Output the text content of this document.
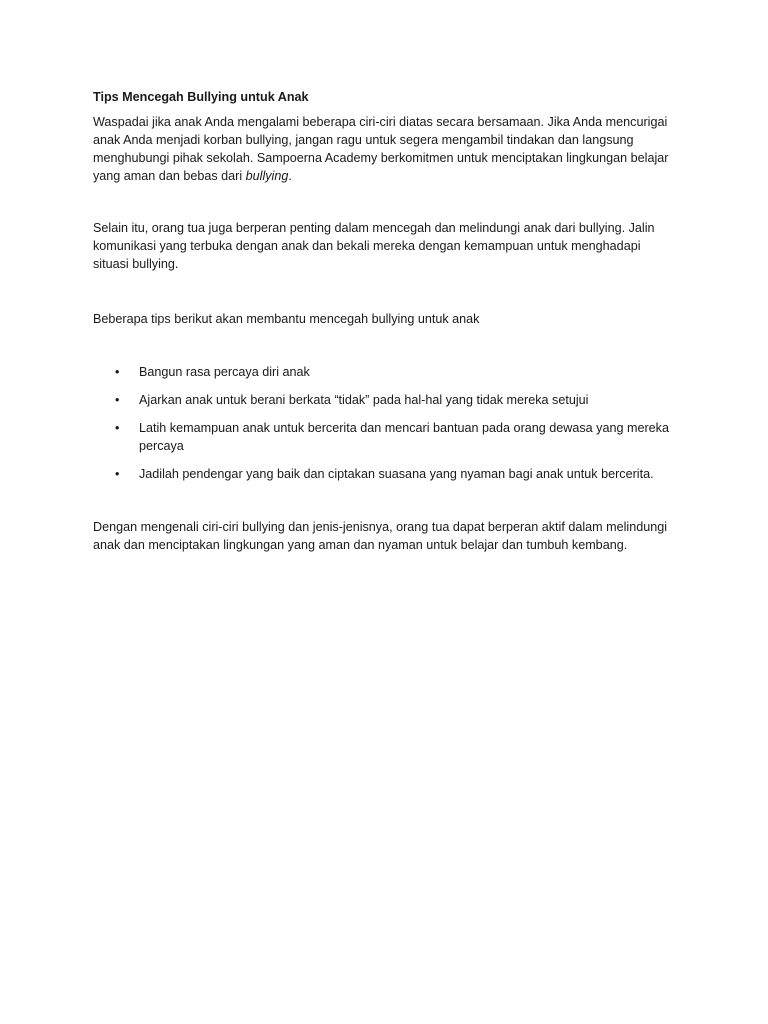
Tips Mencegah Bullying untuk Anak

Waspadai jika anak Anda mengalami beberapa ciri-ciri diatas secara bersamaan. Jika Anda mencurigai anak Anda menjadi korban bullying, jangan ragu untuk segera mengambil tindakan dan langsung menghubungi pihak sekolah. Sampoerna Academy berkomitmen untuk menciptakan lingkungan belajar yang aman dan bebas dari bullying.

Selain itu, orang tua juga berperan penting dalam mencegah dan melindungi anak dari bullying. Jalin komunikasi yang terbuka dengan anak dan bekali mereka dengan kemampuan untuk menghadapi situasi bullying.

Beberapa tips berikut akan membantu mencegah bullying untuk anak

• Bangun rasa percaya diri anak
• Ajarkan anak untuk berani berkata “tidak” pada hal-hal yang tidak mereka setujui
• Latih kemampuan anak untuk bercerita dan mencari bantuan pada orang dewasa yang mereka percaya
• Jadilah pendengar yang baik dan ciptakan suasana yang nyaman bagi anak untuk bercerita.

Dengan mengenali ciri-ciri bullying dan jenis-jenisnya, orang tua dapat berperan aktif dalam melindungi anak dan menciptakan lingkungan yang aman dan nyaman untuk belajar dan tumbuh kembang.
